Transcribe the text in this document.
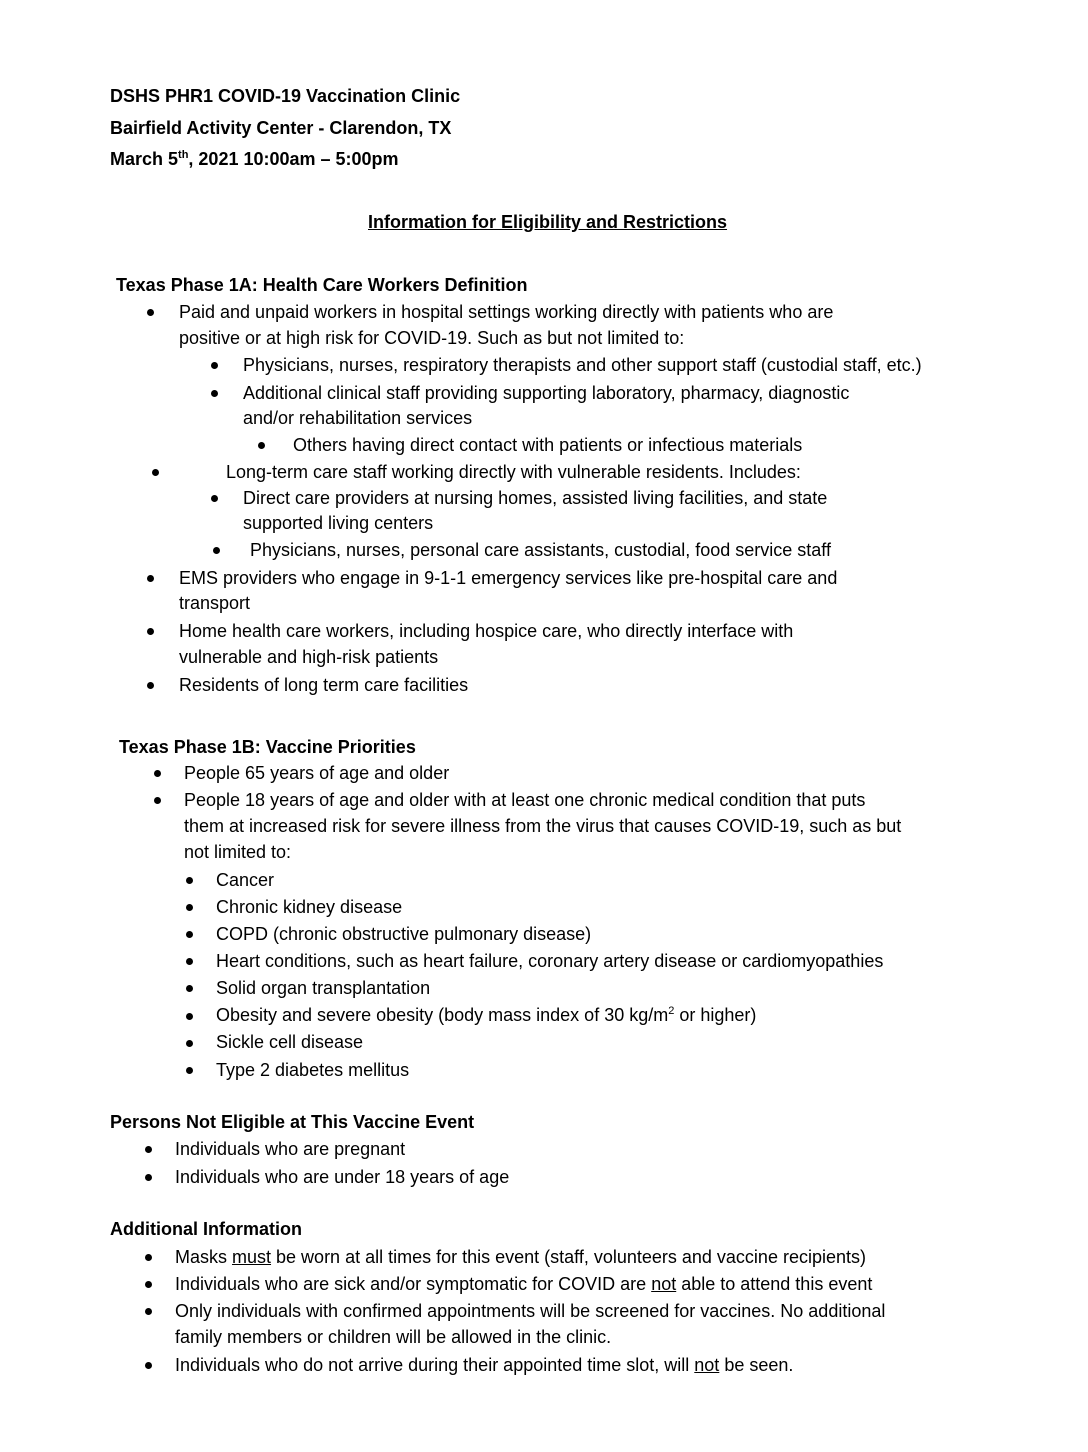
DSHS PHR1 COVID-19 Vaccination Clinic
Bairfield Activity Center - Clarendon, TX
March 5th, 2021 10:00am – 5:00pm
Information for Eligibility and Restrictions
Texas Phase 1A: Health Care Workers Definition
Paid and unpaid workers in hospital settings working directly with patients who are
positive or at high risk for COVID-19. Such as but not limited to:
Physicians, nurses, respiratory therapists and other support staff (custodial staff, etc.)
Additional clinical staff providing supporting laboratory, pharmacy, diagnostic
and/or rehabilitation services
Others having direct contact with patients or infectious materials
Long-term care staff working directly with vulnerable residents. Includes:
Direct care providers at nursing homes, assisted living facilities, and state
supported living centers
Physicians, nurses, personal care assistants, custodial, food service staff
EMS providers who engage in 9-1-1 emergency services like pre-hospital care and
transport
Home health care workers, including hospice care, who directly interface with
vulnerable and high-risk patients
Residents of long term care facilities
Texas Phase 1B: Vaccine Priorities
People 65 years of age and older
People 18 years of age and older with at least one chronic medical condition that puts
them at increased risk for severe illness from the virus that causes COVID-19, such as but
not limited to:
Cancer
Chronic kidney disease
COPD (chronic obstructive pulmonary disease)
Heart conditions, such as heart failure, coronary artery disease or cardiomyopathies
Solid organ transplantation
Obesity and severe obesity (body mass index of 30 $kg/m^2$ or higher)
Sickle cell disease
Type 2 diabetes mellitus
Persons Not Eligible at This Vaccine Event
Individuals who are pregnant
Individuals who are under 18 years of age
Additional Information
Masks must be worn at all times for this event (staff, volunteers and vaccine recipients)
Individuals who are sick and/or symptomatic for COVID are not able to attend this event
Only individuals with confirmed appointments will be screened for vaccines. No additional
family members or children will be allowed in the clinic.
Individuals who do not arrive during their appointed time slot, will not be seen.
